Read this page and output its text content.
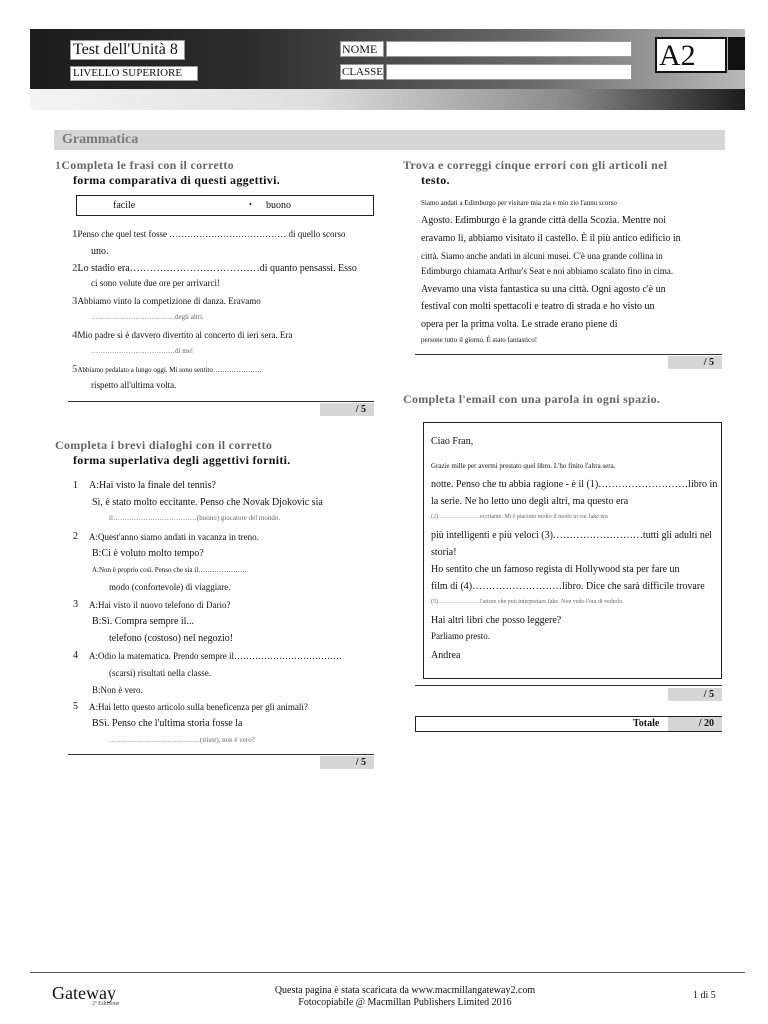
Test dell'Unità 8
LIVELLO SUPERIORE
NOME
CLASSE	A2
Grammatica
1Completa le frasi con il corretto
forma comparativa di questi aggettivi.
facile	• buono
1Penso che quel test fosse ………………………………… di quello scorso
uno.
2Lo stadio era…………………………………di quanto pensassi. Esso
ci sono volute due ore per arrivarci!
3Abbiamo vinto la competizione di danza. Eravamo
………………………………degli altri.
4Mio padre si è davvero divertito al concerto di ieri sera. Era
………………………………di me!
5Abbiamo pedalato a lungo oggi. Mi sono sentito…………………
rispetto all'ultima volta.
/ 5
Completa i brevi dialoghi con il corretto
forma superlativa degli aggettivi forniti.
1 A:Hai visto la finale del tennis?
Sì, è stato molto eccitante. Penso che Novak Djokovic sia
il………………………………(buono) giocatore del mondo.
2 A:Quest'anno siamo andati in vacanza in treno.
B:Ci è voluto molto tempo?
A:Non è proprio così. Penso che sia il…………………
modo (confortevole) di viaggiare.
3 A:Hai visto il nuovo telefono di Dario?
B:Sì. Compra sempre il...
telefono (costoso) nel negozio!
4 A:Odio la matematica. Prendo sempre il………………………………
(scarsi) risultati nella classe.
B:Non è vero.
5 A:Hai letto questo articolo sulla beneficenza per gli animali?
BSì. Penso che l'ultima storia fosse la
…………………………………(triste), non è vero?
/ 5
Trova e correggi cinque errori con gli articoli nel
testo.
Siamo andati a Edimburgo per visitare mia zia e mio zio l'anno scorso
Agosto. Edimburgo è la grande città della Scozia. Mentre noi
eravamo lì, abbiamo visitato il castello. È il più antico edificio in
città. Siamo anche andati in alcuni musei. C'è una grande collina in
Edimburgo chiamata Arthur's Seat e noi abbiamo scalato fino in cima.
Avevamo una vista fantastica su una città. Ogni agosto c'è un
festival con molti spettacoli e teatro di strada e ho visto un
opera per la prima volta. Le strade erano piene di
persone tutto il giorno. È stato fantastico!
/ 5
Completa l'email con una parola in ogni spazio.
Ciao Fran,
Grazie mille per avermi prestato quel libro. L'ho finito l'altra sera.
notte. Penso che tu abbia ragione - è il (1)………………………libro in
la serie. Ne ho letto uno degli altri, ma questo era
(2)…………………eccitante. Mi è piaciuto molto il modo in cui Jake era
più intelligenti e più veloci (3)………………………tutti gli adulti nel
storia!
Ho sentito che un famoso regista di Hollywood sta per fare un
film di (4)………………………libro. Dice che sarà difficile trovare
(5)…………………l'attore che può interpretare Jake. Non vedo l'ora di vederlo.
Hai altri libri che posso leggere?
Parliamo presto.
Andrea
/ 5
Totale	/ 20
Gateway
2ª Edizione
Questa pagina è stata scaricata da www.macmillangateway2.com
Fotocopiabile @ Macmillan Publishers Limited 2016
1 di 5
